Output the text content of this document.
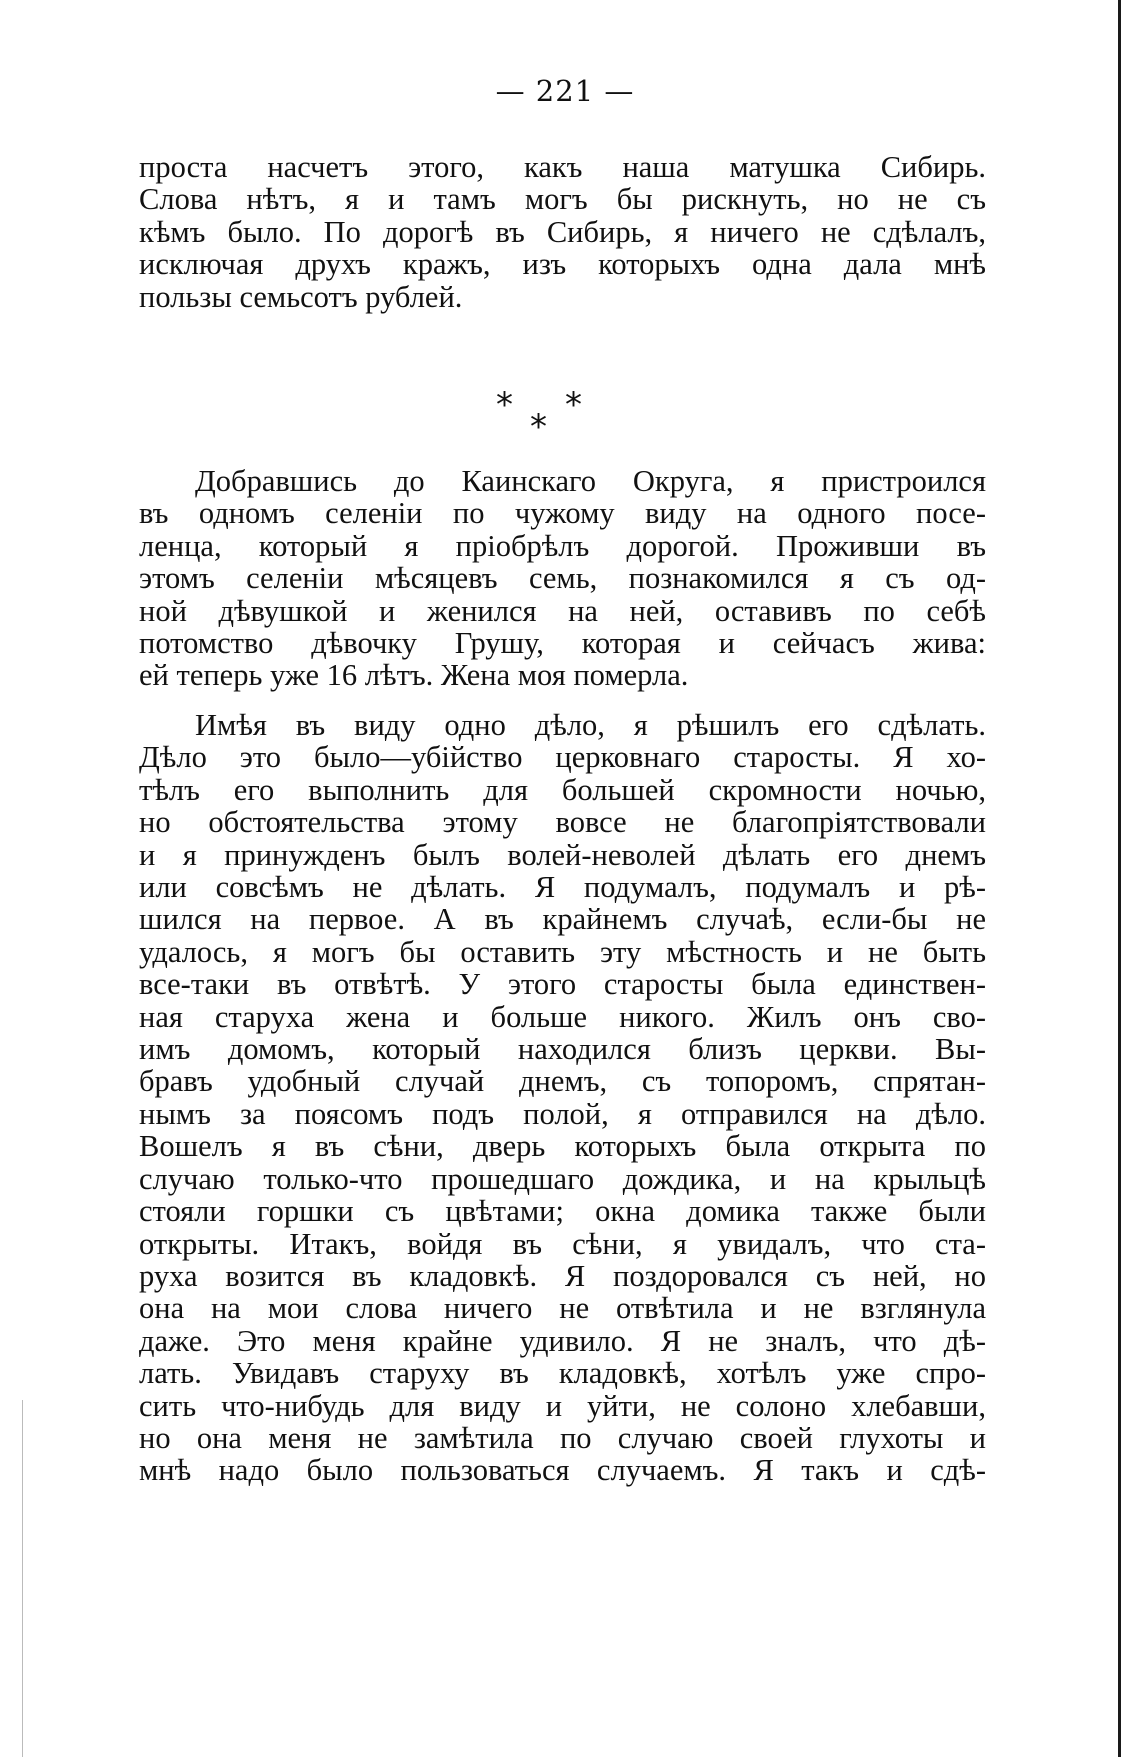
— 221 —
проста насчетъ этого, какъ наша матушка Сибирь.
Слова нѣтъ, я и тамъ могъ бы рискнуть, но не съ
кѣмъ было. По дорогѣ въ Сибирь, я ничего не сдѣлалъ,
исключая друхъ кражъ, изъ которыхъ одна дала мнѣ
пользы семьсотъ рублей.
* *
*
Добравшись до Каинскаго Округа, я пристроился
въ одномъ селеніи по чужому виду на одного посе-
ленца, который я пріобрѣлъ дорогой. Проживши въ
этомъ селеніи мѣсяцевъ семь, познакомился я съ од-
ной дѣвушкой и женился на ней, оставивъ по себѣ
потомство дѣвочку Грушу, которая и сейчасъ жива:
ей теперь уже 16 лѣтъ. Жена моя померла.
Имѣя въ виду одно дѣло, я рѣшилъ его сдѣлать.
Дѣло это было—убійство церковнаго старосты. Я хо-
тѣлъ его выполнить для большей скромности ночью,
но обстоятельства этому вовсе не благопріятствовали
и я принужденъ былъ волей-неволей дѣлать его днемъ
или совсѣмъ не дѣлать. Я подумалъ, подумалъ и рѣ-
шился на первое. А въ крайнемъ случаѣ, если-бы не
удалось, я могъ бы оставить эту мѣстность и не быть
все-таки въ отвѣтѣ. У этого старосты была единствен-
ная старуха жена и больше никого. Жилъ онъ сво-
имъ домомъ, который находился близъ церкви. Вы-
бравъ удобный случай днемъ, съ топоромъ, спрятан-
нымъ за поясомъ подъ полой, я отправился на дѣло.
Вошелъ я въ сѣни, дверь которыхъ была открыта по
случаю только-что прошедшаго дождика, и на крыльцѣ
стояли горшки съ цвѣтами; окна домика также были
открыты. Итакъ, войдя въ сѣни, я увидалъ, что ста-
руха возится въ кладовкѣ. Я поздоровался съ ней, но
она на мои слова ничего не отвѣтила и не взглянула
даже. Это меня крайне удивило. Я не зналъ, что дѣ-
лать. Увидавъ старуху въ кладовкѣ, хотѣлъ уже спро-
сить что-нибудь для виду и уйти, не солоно хлебавши,
но она меня не замѣтила по случаю своей глухоты и
мнѣ надо было пользоваться случаемъ. Я такъ и сдѣ-
